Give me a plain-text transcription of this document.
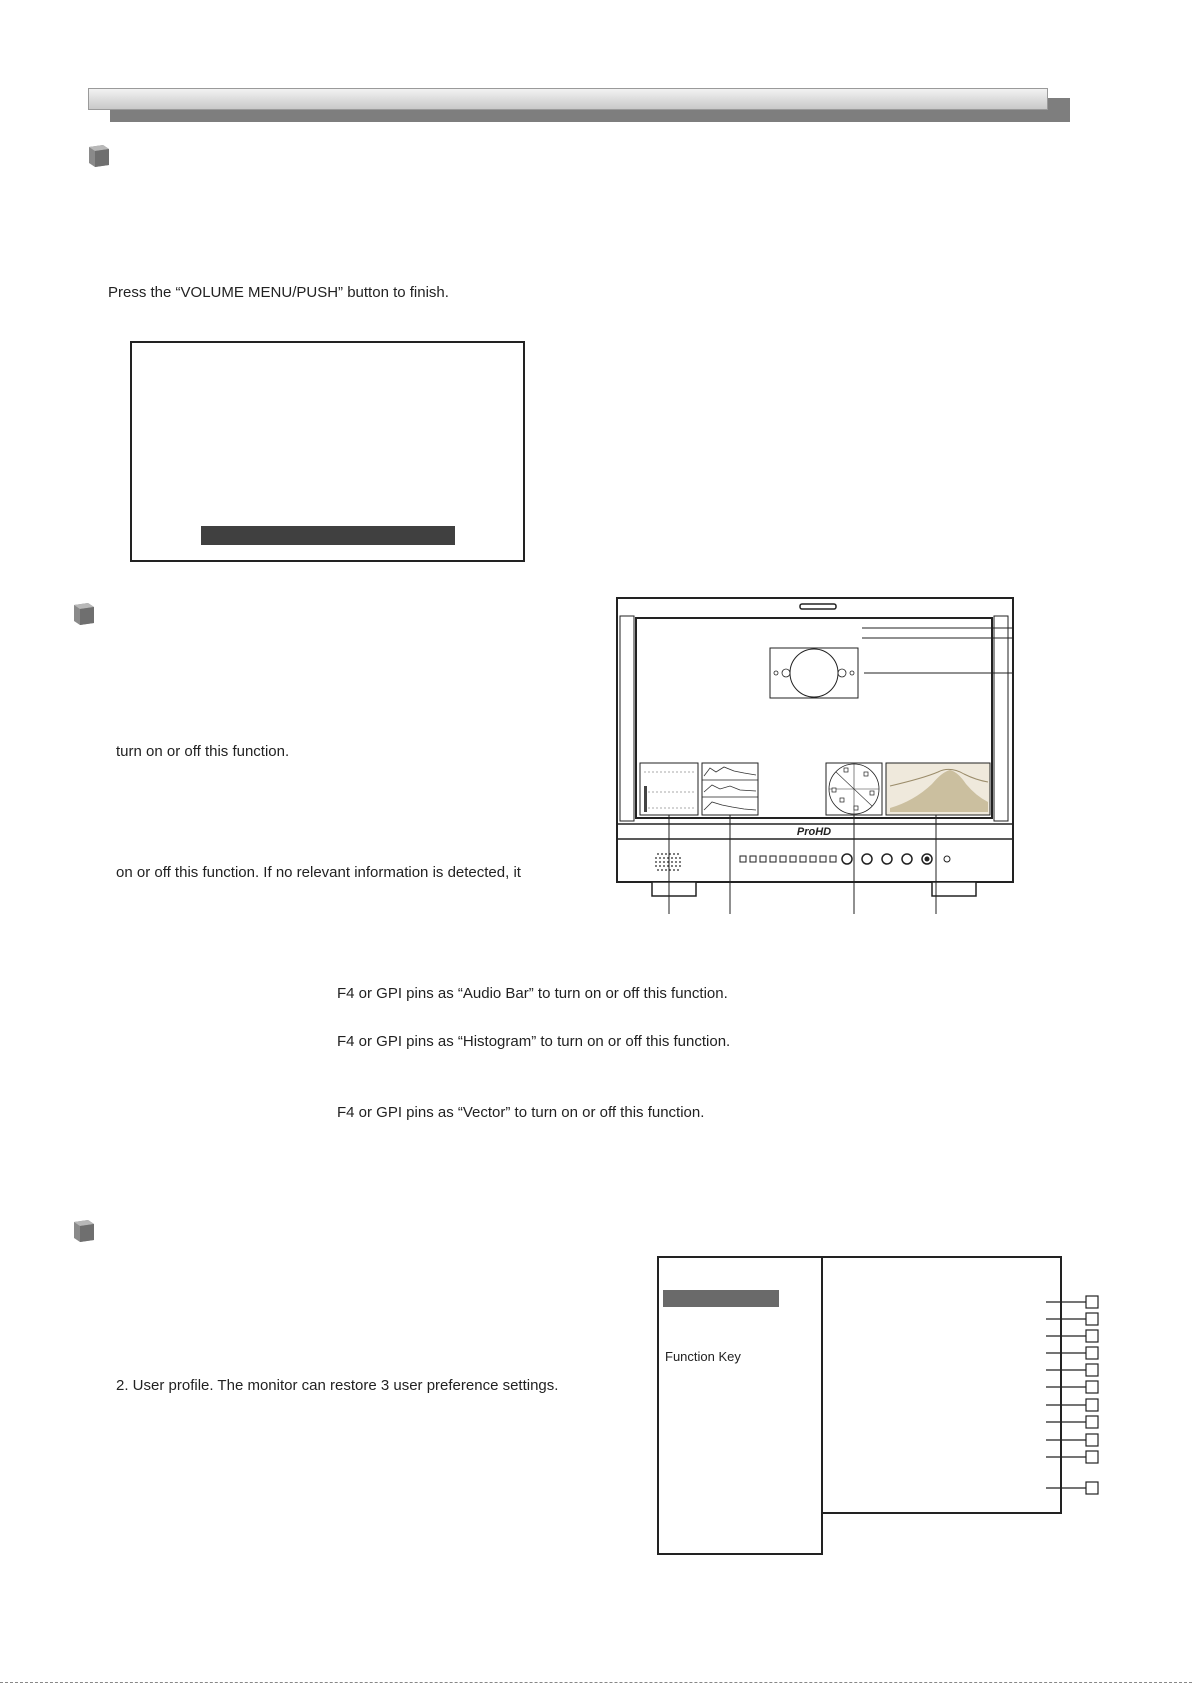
Press the “VOLUME MENU/PUSH” button to finish.
turn on or off this function.
on or off this function. If no relevant information is detected, it
ProHD
F4 or GPI pins as “Audio Bar” to turn on or off this function.
F4 or GPI pins as “Histogram” to turn on or off this function.
F4 or GPI pins as “Vector” to turn on or off this function.
2. User profile. The monitor can restore 3 user preference settings.
Function Key
